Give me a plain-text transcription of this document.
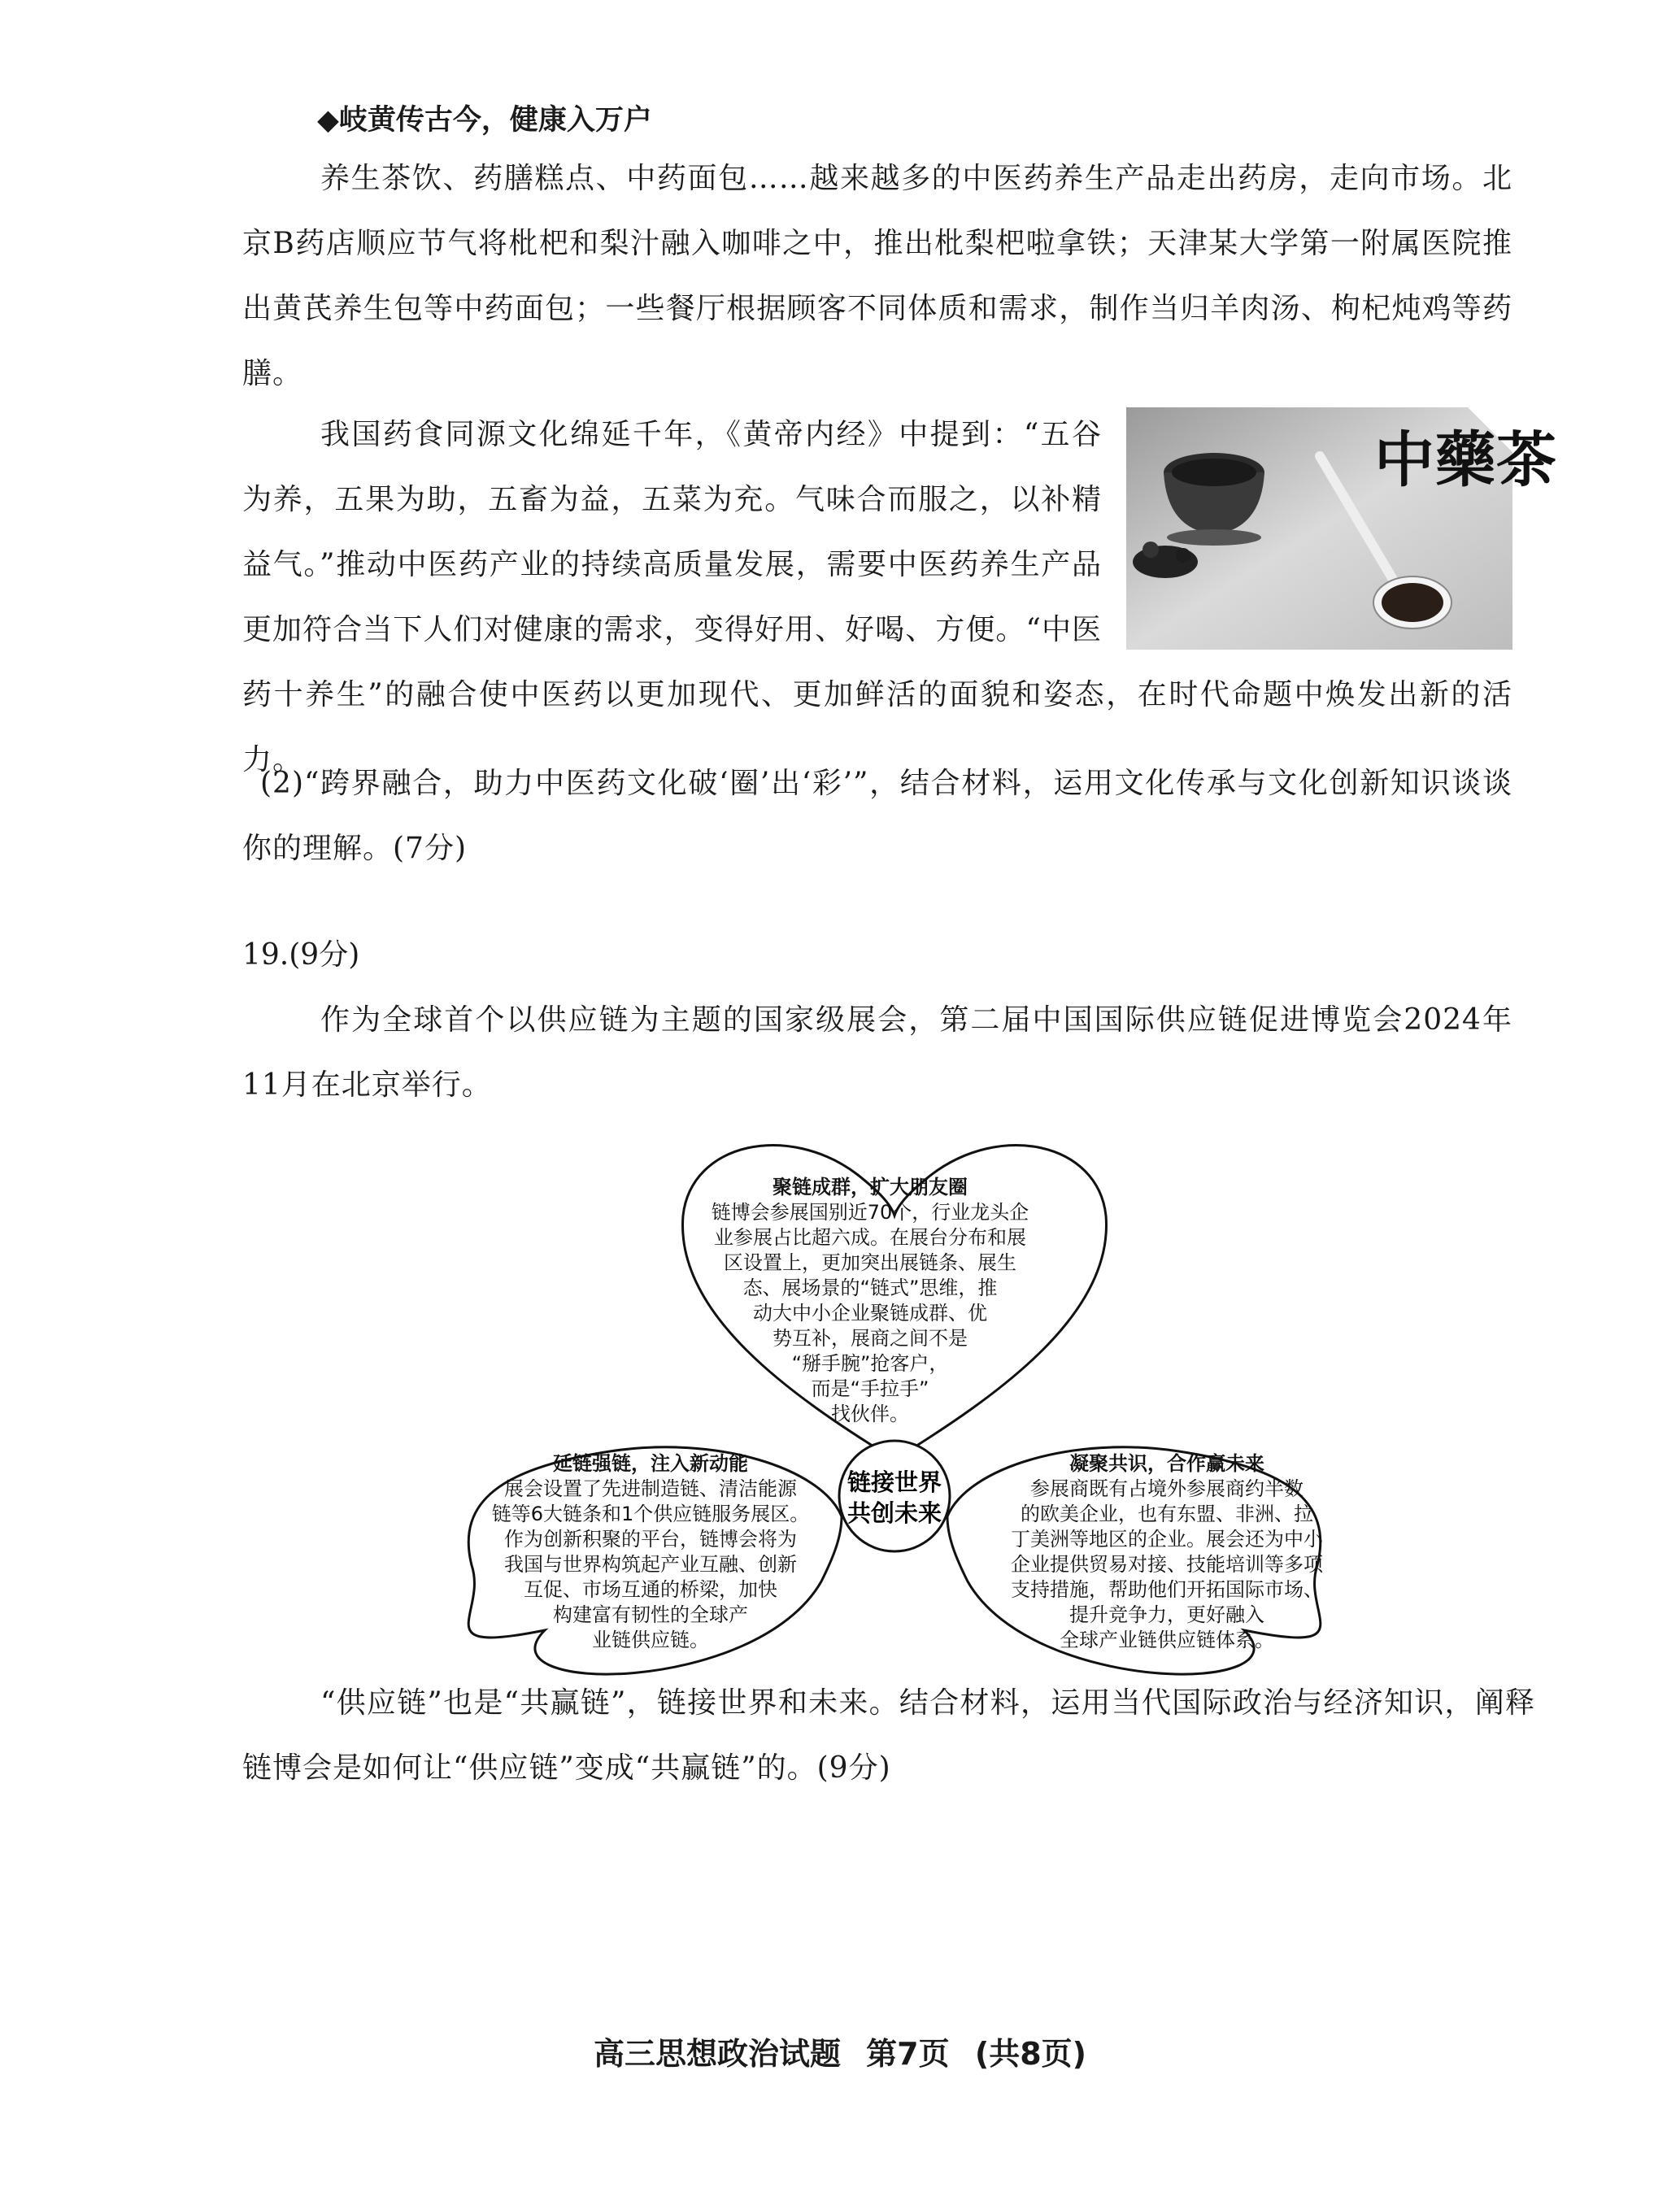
◆岐黄传古今，健康入万户
养生茶饮、药膳糕点、中药面包……越来越多的中医药养生产品走出药房，走向市场。北京B药店顺应节气将枇杷和梨汁融入咖啡之中，推出枇梨杷啦拿铁；天津某大学第一附属医院推出黄芪养生包等中药面包；一些餐厅根据顾客不同体质和需求，制作当归羊肉汤、枸杞炖鸡等药膳。
中藥茶
我国药食同源文化绵延千年，《黄帝内经》中提到：“五谷为养，五果为助，五畜为益，五菜为充。气味合而服之，以补精益气。”推动中医药产业的持续高质量发展，需要中医药养生产品更加符合当下人们对健康的需求，变得好用、好喝、方便。“中医药十养生”的融合使中医药以更加现代、更加鲜活的面貌和姿态，在时代命题中焕发出新的活力。
(2)“跨界融合，助力中医药文化破‘圈’出‘彩’”，结合材料，运用文化传承与文化创新知识谈谈你的理解。(7分)
19.(9分)
作为全球首个以供应链为主题的国家级展会，第二届中国国际供应链促进博览会2024年11月在北京举行。
链接世界
共创未来
聚链成群，扩大朋友圈
链博会参展国别近70个，行业龙头企
业参展占比超六成。在展台分布和展
区设置上，更加突出展链条、展生
态、展场景的“链式”思维，推
动大中小企业聚链成群、优
势互补，展商之间不是
“掰手腕”抢客户，
而是“手拉手”
找伙伴。
延链强链，注入新动能
展会设置了先进制造链、清洁能源
链等6大链条和1个供应链服务展区。
作为创新积聚的平台，链博会将为
我国与世界构筑起产业互融、创新
互促、市场互通的桥梁，加快
构建富有韧性的全球产
业链供应链。
凝聚共识，合作赢未来
参展商既有占境外参展商约半数
的欧美企业，也有东盟、非洲、拉
丁美洲等地区的企业。展会还为中小
企业提供贸易对接、技能培训等多项
支持措施，帮助他们开拓国际市场、
提升竞争力，更好融入
全球产业链供应链体系。
“供应链”也是“共赢链”，链接世界和未来。结合材料，运用当代国际政治与经济知识，阐释链博会是如何让“供应链”变成“共赢链”的。(9分)
高三思想政治试题 第7页 (共8页)
